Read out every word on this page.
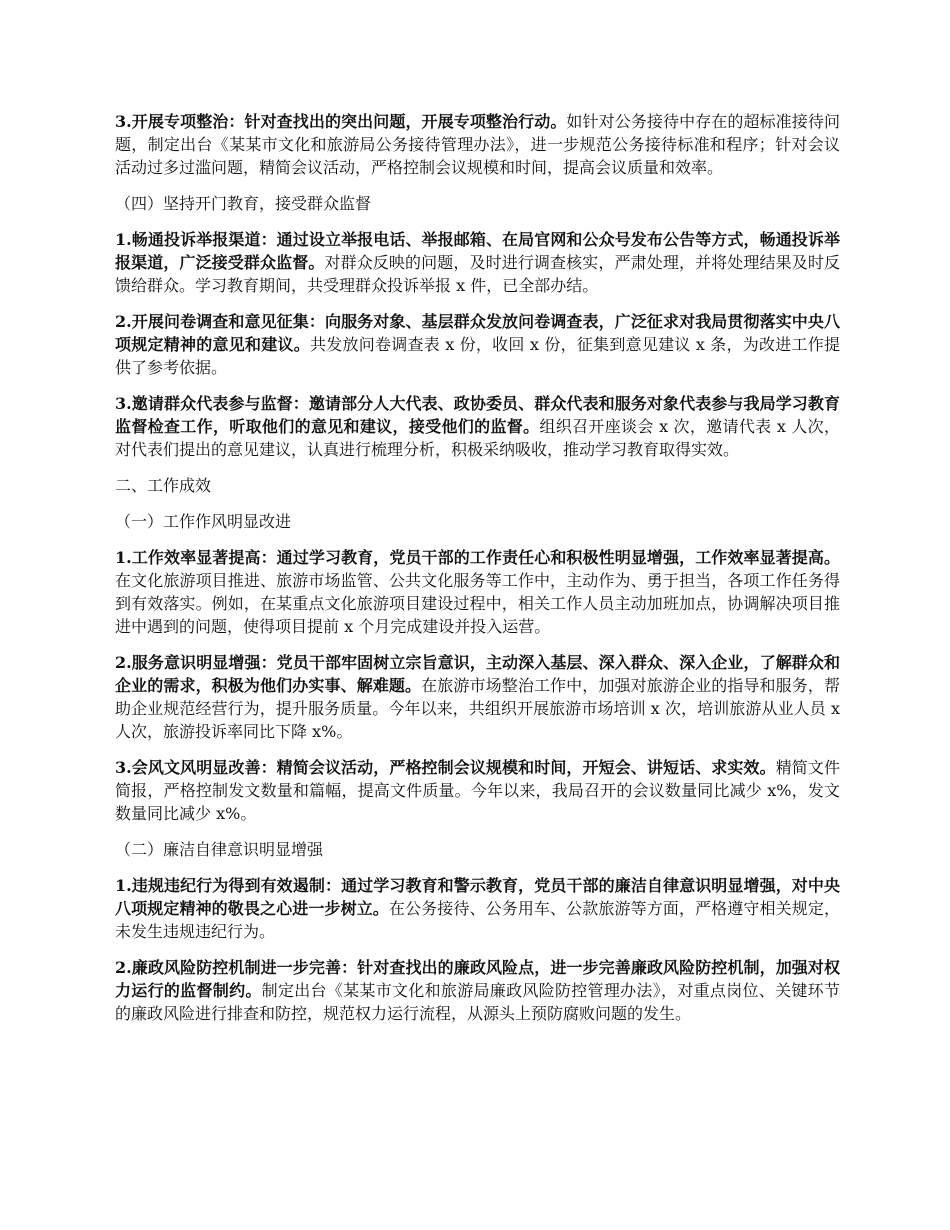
3.开展专项整治：针对查找出的突出问题，开展专项整治行动。如针对公务接待中存在的超标准接待问题，制定出台《某某市文化和旅游局公务接待管理办法》，进一步规范公务接待标准和程序；针对会议活动过多过滥问题，精简会议活动，严格控制会议规模和时间，提高会议质量和效率。

（四）坚持开门教育，接受群众监督

1.畅通投诉举报渠道：通过设立举报电话、举报邮箱、在局官网和公众号发布公告等方式，畅通投诉举报渠道，广泛接受群众监督。对群众反映的问题，及时进行调查核实，严肃处理，并将处理结果及时反馈给群众。学习教育期间，共受理群众投诉举报 x 件，已全部办结。

2.开展问卷调查和意见征集：向服务对象、基层群众发放问卷调查表，广泛征求对我局贯彻落实中央八项规定精神的意见和建议。共发放问卷调查表 x 份，收回 x 份，征集到意见建议 x 条，为改进工作提供了参考依据。

3.邀请群众代表参与监督：邀请部分人大代表、政协委员、群众代表和服务对象代表参与我局学习教育监督检查工作，听取他们的意见和建议，接受他们的监督。组织召开座谈会 x 次，邀请代表 x 人次，对代表们提出的意见建议，认真进行梳理分析，积极采纳吸收，推动学习教育取得实效。

二、工作成效

（一）工作作风明显改进

1.工作效率显著提高：通过学习教育，党员干部的工作责任心和积极性明显增强，工作效率显著提高。在文化旅游项目推进、旅游市场监管、公共文化服务等工作中，主动作为、勇于担当，各项工作任务得到有效落实。例如，在某重点文化旅游项目建设过程中，相关工作人员主动加班加点，协调解决项目推进中遇到的问题，使得项目提前 x 个月完成建设并投入运营。

2.服务意识明显增强：党员干部牢固树立宗旨意识，主动深入基层、深入群众、深入企业，了解群众和企业的需求，积极为他们办实事、解难题。在旅游市场整治工作中，加强对旅游企业的指导和服务，帮助企业规范经营行为，提升服务质量。今年以来，共组织开展旅游市场培训 x 次，培训旅游从业人员 x 人次，旅游投诉率同比下降 x%。

3.会风文风明显改善：精简会议活动，严格控制会议规模和时间，开短会、讲短话、求实效。精简文件简报，严格控制发文数量和篇幅，提高文件质量。今年以来，我局召开的会议数量同比减少 x%，发文数量同比减少 x%。

（二）廉洁自律意识明显增强

1.违规违纪行为得到有效遏制：通过学习教育和警示教育，党员干部的廉洁自律意识明显增强，对中央八项规定精神的敬畏之心进一步树立。在公务接待、公务用车、公款旅游等方面，严格遵守相关规定，未发生违规违纪行为。

2.廉政风险防控机制进一步完善：针对查找出的廉政风险点，进一步完善廉政风险防控机制，加强对权力运行的监督制约。制定出台《某某市文化和旅游局廉政风险防控管理办法》，对重点岗位、关键环节的廉政风险进行排查和防控，规范权力运行流程，从源头上预防腐败问题的发生。
